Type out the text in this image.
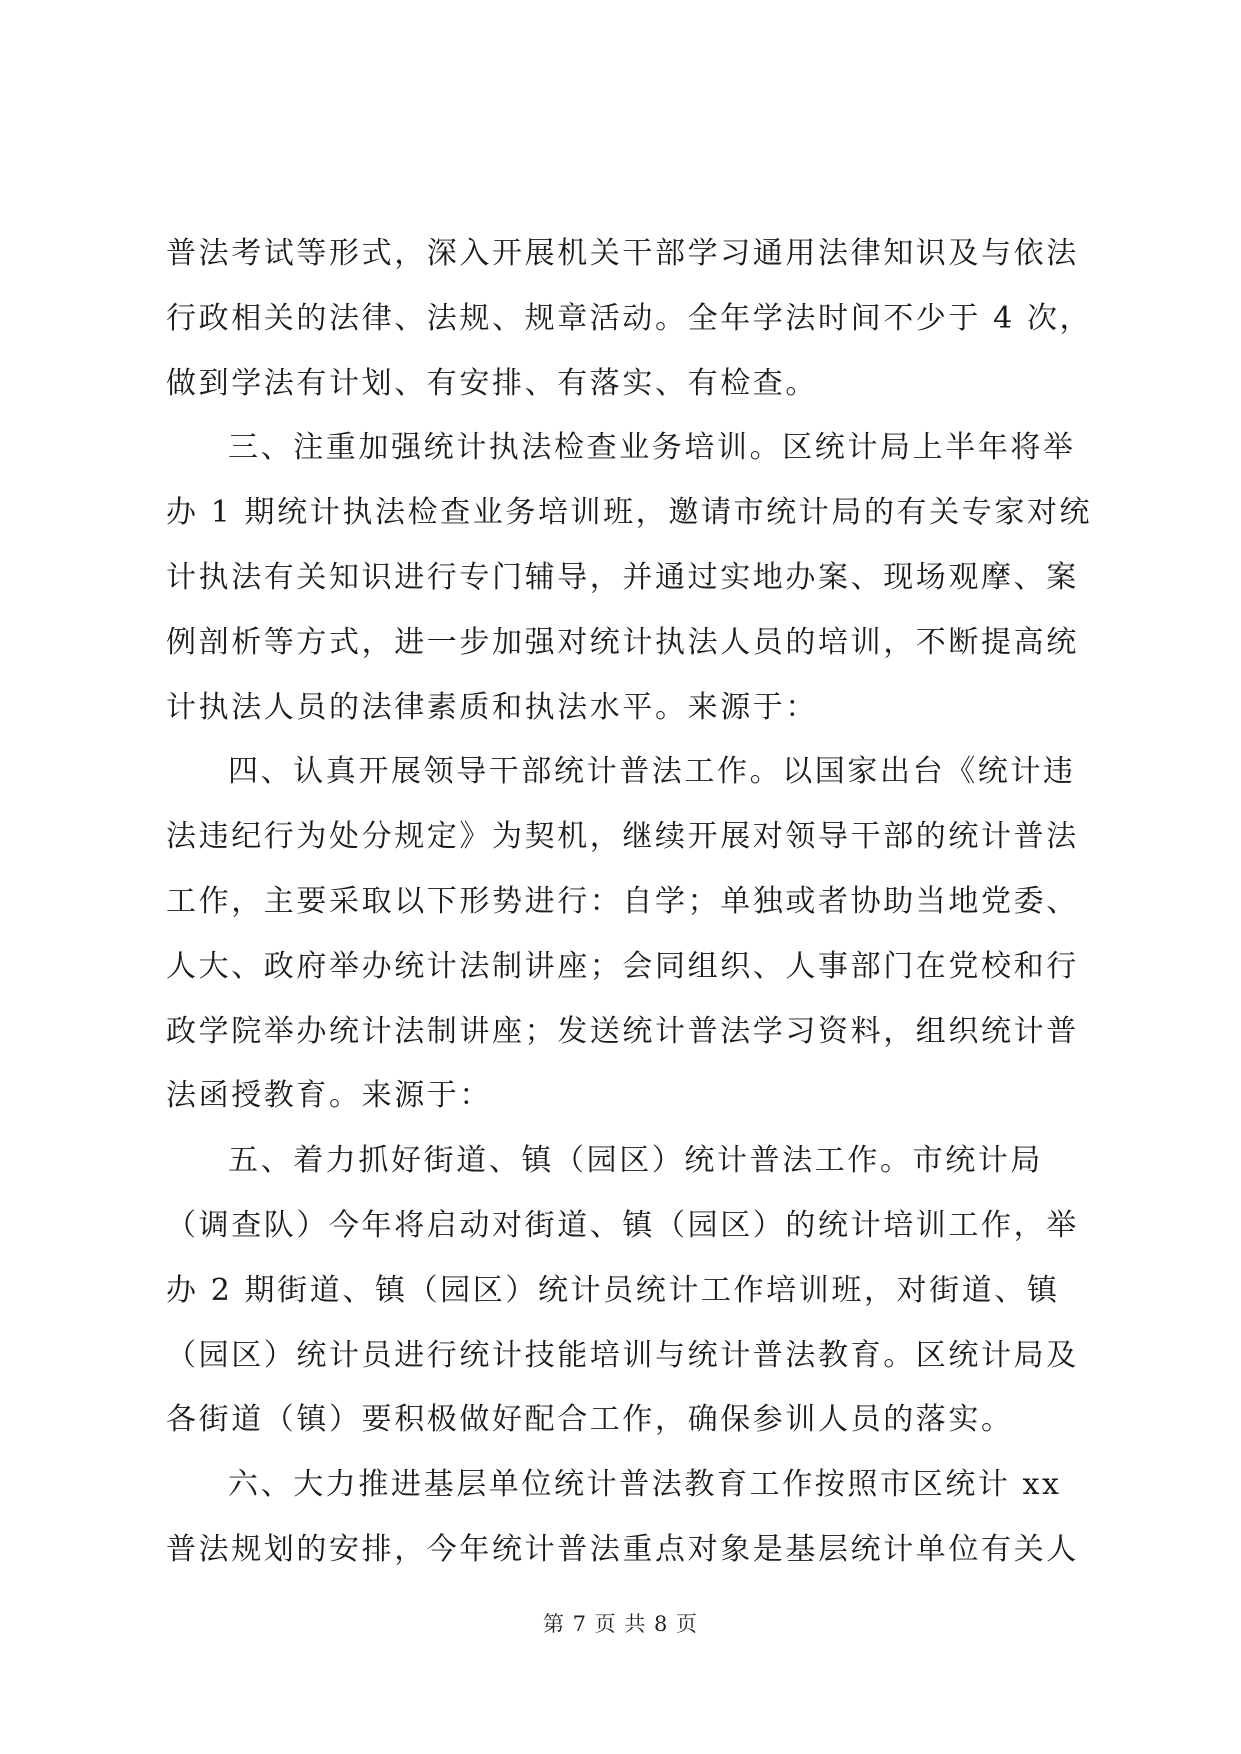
普法考试等形式，深入开展机关干部学习通用法律知识及与依法
行政相关的法律、法规、规章活动。全年学法时间不少于 4 次，
做到学法有计划、有安排、有落实、有检查。
三、注重加强统计执法检查业务培训。区统计局上半年将举
办 1 期统计执法检查业务培训班，邀请市统计局的有关专家对统
计执法有关知识进行专门辅导，并通过实地办案、现场观摩、案
例剖析等方式，进一步加强对统计执法人员的培训，不断提高统
计执法人员的法律素质和执法水平。来源于：
四、认真开展领导干部统计普法工作。以国家出台《统计违
法违纪行为处分规定》为契机，继续开展对领导干部的统计普法
工作，主要采取以下形势进行：自学；单独或者协助当地党委、
人大、政府举办统计法制讲座；会同组织、人事部门在党校和行
政学院举办统计法制讲座；发送统计普法学习资料，组织统计普
法函授教育。来源于：
五、着力抓好街道、镇（园区）统计普法工作。市统计局
（调查队）今年将启动对街道、镇（园区）的统计培训工作，举
办 2 期街道、镇（园区）统计员统计工作培训班，对街道、镇
（园区）统计员进行统计技能培训与统计普法教育。区统计局及
各街道（镇）要积极做好配合工作，确保参训人员的落实。
六、大力推进基层单位统计普法教育工作按照市区统计 xx
普法规划的安排，今年统计普法重点对象是基层统计单位有关人
第 7 页 共 8 页
